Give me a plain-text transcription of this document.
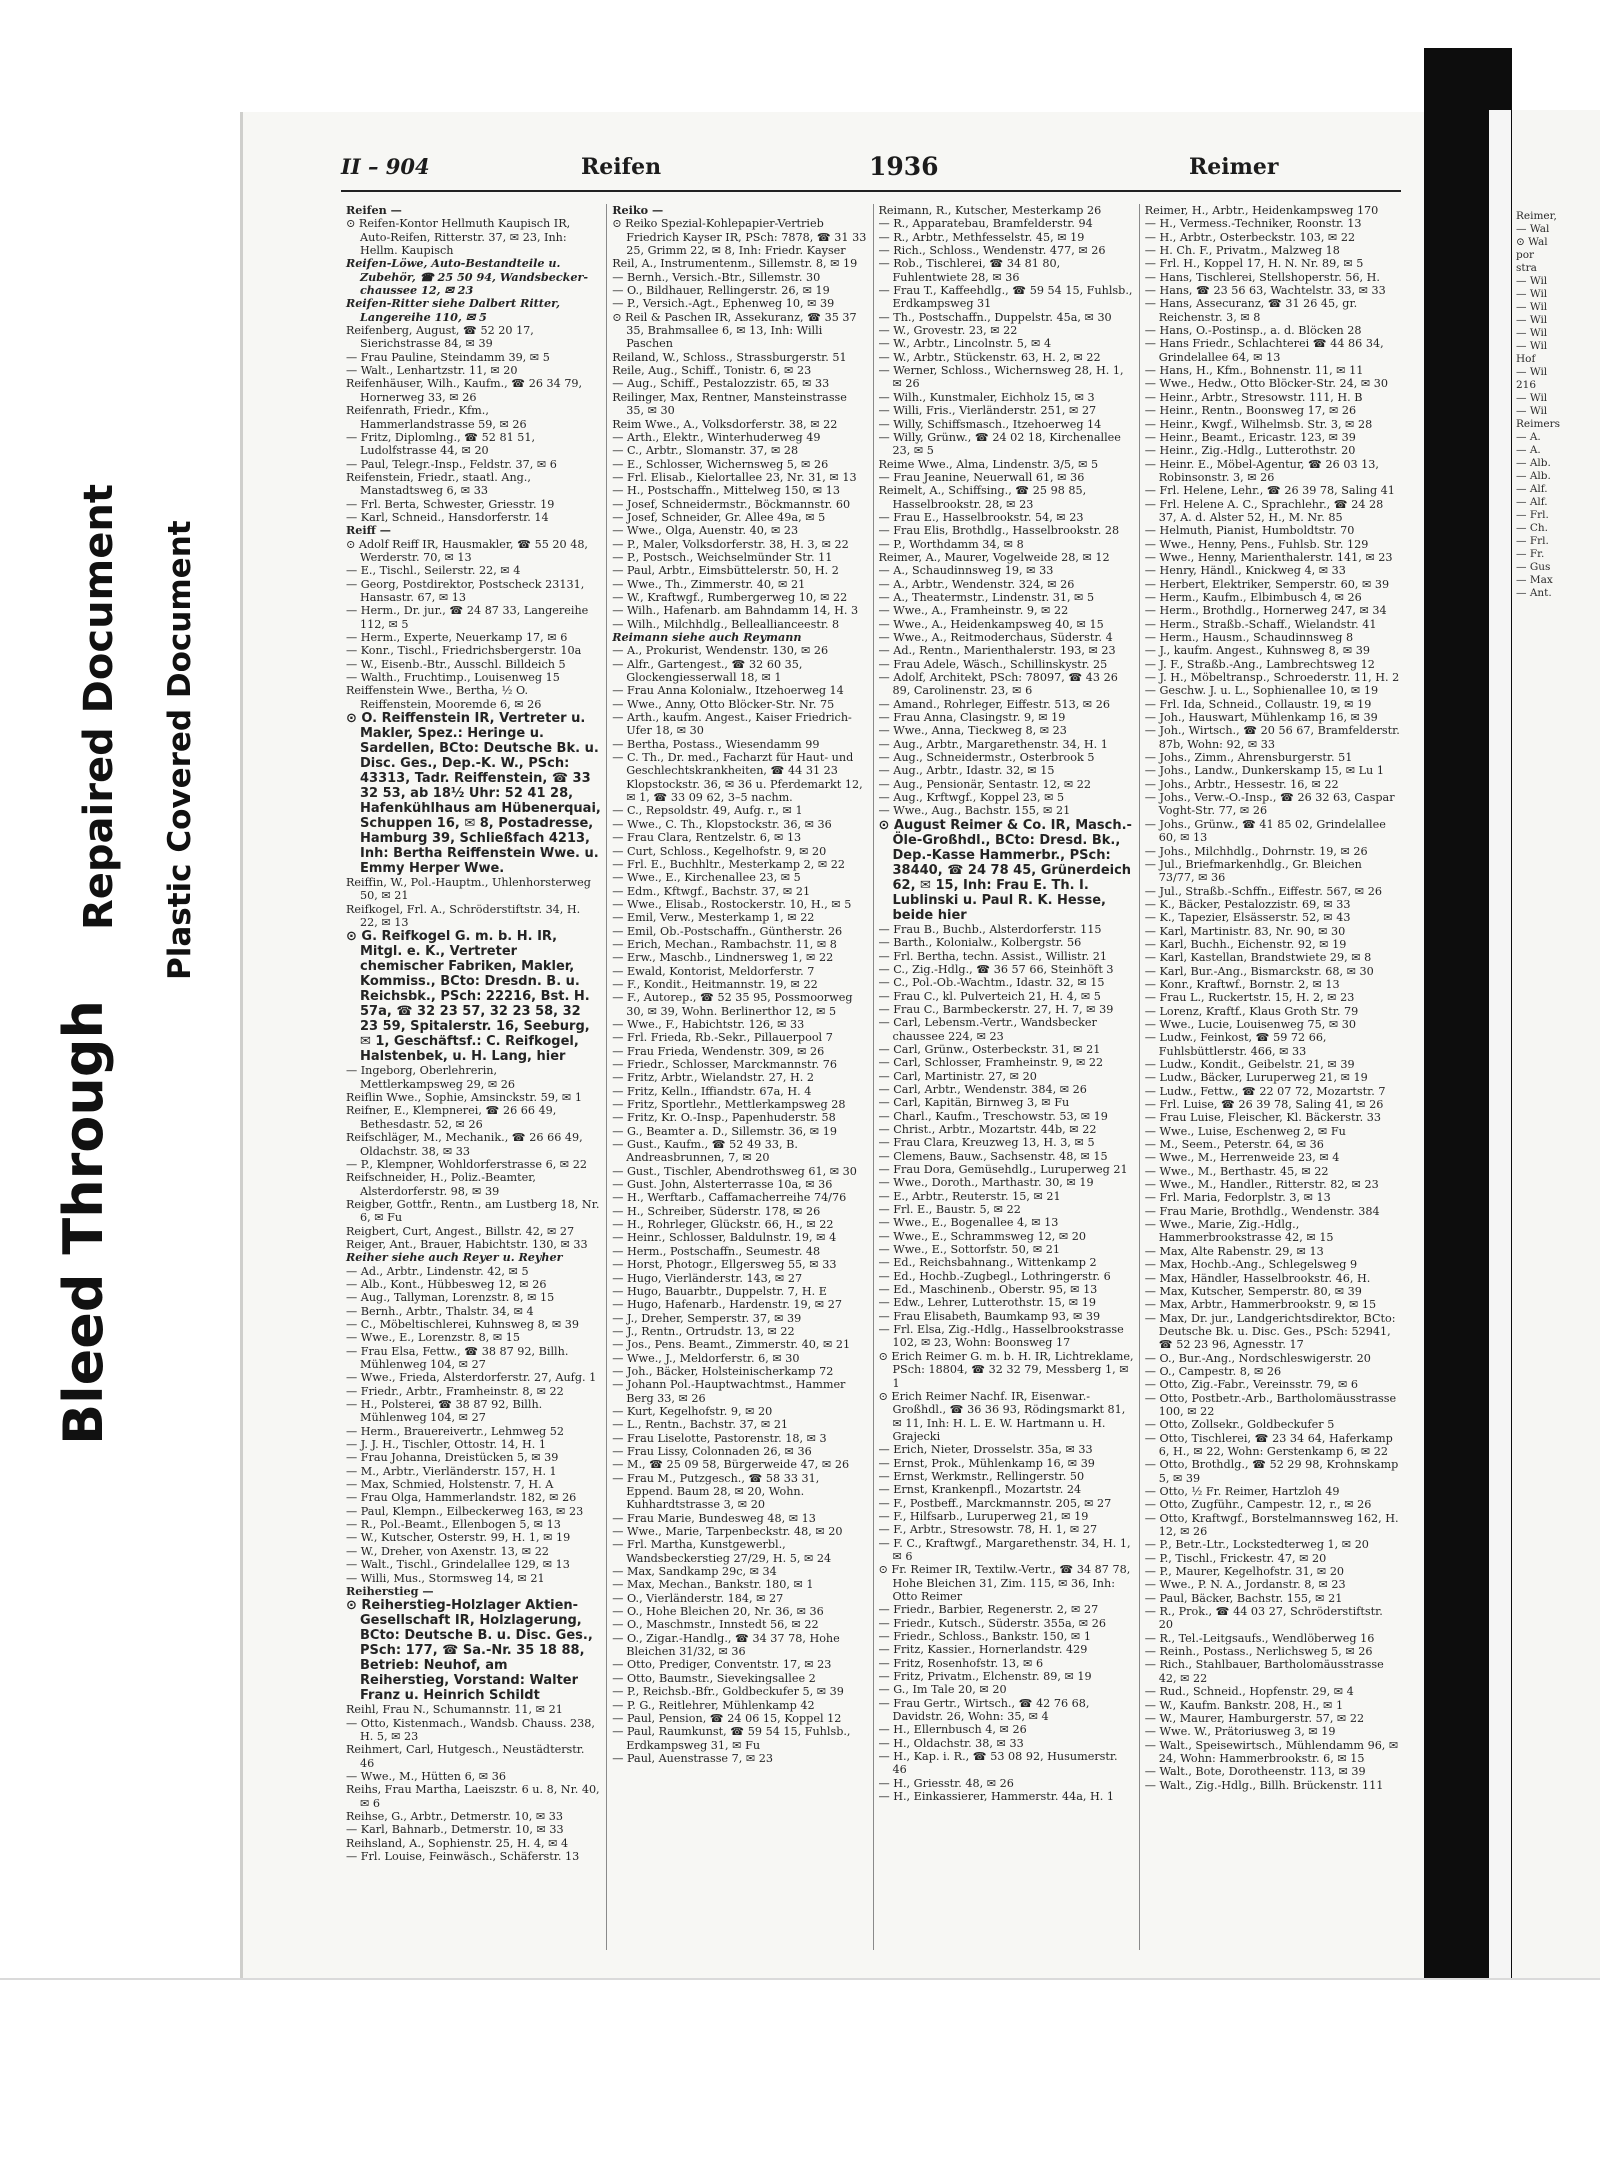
Bleed Through
Repaired Document Plastic Covered Document
II – 904	Reifen	1936	Reimer

Reifen —

⊙ Reifen-Kontor Hellmuth Kaupisch IR, Auto-Reifen, Ritterstr. 37, ✉ 23, Inh: Hellm. Kaupisch

Reifen-Löwe, Auto-Bestandteile u. Zubehör, ☎ 25 50 94, Wandsbecker-chaussee 12, ✉ 23

Reifen-Ritter siehe Dalbert Ritter, Langereihe 110, ✉ 5

Reifenberg, August, ☎ 52 20 17, Sierichstrasse 84, ✉ 39

— Frau Pauline, Steindamm 39, ✉ 5

— Walt., Lenhartzstr. 11, ✉ 20

Reifenhäuser, Wilh., Kaufm., ☎ 26 34 79, Hornerweg 33, ✉ 26

Reifenrath, Friedr., Kfm., Hammerlandstrasse 59, ✉ 26

— Fritz, Diplomlng., ☎ 52 81 51, Ludolfstrasse 44, ✉ 20

— Paul, Telegr.-Insp., Feldstr. 37, ✉ 6

Reifenstein, Friedr., staatl. Ang., Manstadtsweg 6, ✉ 33

— Frl. Berta, Schwester, Griesstr. 19

— Karl, Schneid., Hansdorferstr. 14

Reiff —

⊙ Adolf Reiff IR, Hausmakler, ☎ 55 20 48, Werderstr. 70, ✉ 13

— E., Tischl., Seilerstr. 22, ✉ 4

— Georg, Postdirektor, Postscheck 23131, Hansastr. 67, ✉ 13

— Herm., Dr. jur., ☎ 24 87 33, Langereihe 112, ✉ 5

— Herm., Experte, Neuerkamp 17, ✉ 6

— Konr., Tischl., Friedrichsbergerstr. 10a

— W., Eisenb.-Btr., Ausschl. Billdeich 5

— Walth., Fruchtimp., Louisenweg 15

Reiffenstein Wwe., Bertha, ½ O. Reiffenstein, Mooremde 6, ✉ 26

⊙ O. Reiffenstein IR, Vertreter u. Makler, Spez.: Heringe u. Sardellen, BCto: Deutsche Bk. u. Disc. Ges., Dep.-K. W., PSch: 43313, Tadr. Reiffenstein, ☎ 33 32 53, ab 18½ Uhr: 52 41 28, Hafenkühlhaus am Hübenerquai, Schuppen 16, ✉ 8, Postadresse, Hamburg 39, Schließfach 4213, Inh: Bertha Reiffenstein Wwe. u. Emmy Herper Wwe.

Reiffin, W., Pol.-Hauptm., Uhlenhorsterweg 50, ✉ 21

Reifkogel, Frl. A., Schröderstiftstr. 34, H. 22, ✉ 13

⊙ G. Reifkogel G. m. b. H. IR, Mitgl. e. K., Vertreter chemischer Fabriken, Makler, Kommiss., BCto: Dresdn. B. u. Reichsbk., PSch: 22216, Bst. H. 57a, ☎ 32 23 57, 32 23 58, 32 23 59, Spitalerstr. 16, Seeburg, ✉ 1, Geschäftsf.: C. Reifkogel, Halstenbek, u. H. Lang, hier

— Ingeborg, Oberlehrerin, Mettlerkampsweg 29, ✉ 26

Reiflin Wwe., Sophie, Amsinckstr. 59, ✉ 1

Reifner, E., Klempnerei, ☎ 26 66 49, Bethesdastr. 52, ✉ 26

Reifschläger, M., Mechanik., ☎ 26 66 49, Oldachstr. 38, ✉ 33

— P., Klempner, Wohldorferstrasse 6, ✉ 22

Reifschneider, H., Poliz.-Beamter, Alsterdorferstr. 98, ✉ 39

Reigber, Gottfr., Rentn., am Lustberg 18, Nr. 6, ✉ Fu

Reigbert, Curt, Angest., Billstr. 42, ✉ 27

Reiger, Ant., Brauer, Habichtstr. 130, ✉ 33

Reiher siehe auch Reyer u. Reyher

— Ad., Arbtr., Lindenstr. 42, ✉ 5

— Alb., Kont., Hübbesweg 12, ✉ 26

— Aug., Tallyman, Lorenzstr. 8, ✉ 15

— Bernh., Arbtr., Thalstr. 34, ✉ 4

— C., Möbeltischlerei, Kuhnsweg 8, ✉ 39

— Wwe., E., Lorenzstr. 8, ✉ 15

— Frau Elsa, Fettw., ☎ 38 87 92, Billh. Mühlenweg 104, ✉ 27

— Wwe., Frieda, Alsterdorferstr. 27, Aufg. 1

— Friedr., Arbtr., Framheinstr. 8, ✉ 22

— H., Polsterei, ☎ 38 87 92, Billh. Mühlenweg 104, ✉ 27

— Herm., Brauereivertr., Lehmweg 52

— J. J. H., Tischler, Ottostr. 14, H. 1

— Frau Johanna, Dreistücken 5, ✉ 39

— M., Arbtr., Vierländerstr. 157, H. 1

— Max, Schmied, Holstenstr. 7, H. A

— Frau Olga, Hammerlandstr. 182, ✉ 26

— Paul, Klempn., Eilbeckerweg 163, ✉ 23

— R., Pol.-Beamt., Ellenbogen 5, ✉ 13

— W., Kutscher, Osterstr. 99, H. 1, ✉ 19

— W., Dreher, von Axenstr. 13, ✉ 22

— Walt., Tischl., Grindelallee 129, ✉ 13

— Willi, Mus., Stormsweg 14, ✉ 21

Reiherstieg —

⊙ Reiherstieg-Holzlager Aktien-Gesellschaft IR, Holzlagerung, BCto: Deutsche B. u. Disc. Ges., PSch: 177, ☎ Sa.-Nr. 35 18 88, Betrieb: Neuhof, am Reiherstieg, Vorstand: Walter Franz u. Heinrich Schildt

Reihl, Frau N., Schumannstr. 11, ✉ 21

— Otto, Kistenmach., Wandsb. Chauss. 238, H. 5, ✉ 23

Reihmert, Carl, Hutgesch., Neustädterstr. 46

— Wwe., M., Hütten 6, ✉ 36

Reihs, Frau Martha, Laeiszstr. 6 u. 8, Nr. 40, ✉ 6

Reihse, G., Arbtr., Detmerstr. 10, ✉ 33

— Karl, Bahnarb., Detmerstr. 10, ✉ 33

Reihsland, A., Sophienstr. 25, H. 4, ✉ 4

— Frl. Louise, Feinwäsch., Schäferstr. 13

Reiko —

⊙ Reiko Spezial-Kohlepapier-Vertrieb Friedrich Kayser IR, PSch: 7878, ☎ 31 33 25, Grimm 22, ✉ 8, Inh: Friedr. Kayser

Reil, A., Instrumentenm., Sillemstr. 8, ✉ 19

— Bernh., Versich.-Btr., Sillemstr. 30

— O., Bildhauer, Rellingerstr. 26, ✉ 19

— P., Versich.-Agt., Ephenweg 10, ✉ 39

⊙ Reil & Paschen IR, Assekuranz, ☎ 35 37 35, Brahmsallee 6, ✉ 13, Inh: Willi Paschen

Reiland, W., Schloss., Strassburgerstr. 51

Reile, Aug., Schiff., Tonistr. 6, ✉ 23

— Aug., Schiff., Pestalozzistr. 65, ✉ 33

Reilinger, Max, Rentner, Mansteinstrasse 35, ✉ 30

Reim Wwe., A., Volksdorferstr. 38, ✉ 22

— Arth., Elektr., Winterhuderweg 49

— C., Arbtr., Slomanstr. 37, ✉ 28

— E., Schlosser, Wichernsweg 5, ✉ 26

— Frl. Elisab., Kielortallee 23, Nr. 31, ✉ 13

— H., Postschaffn., Mittelweg 150, ✉ 13

— Josef, Schneidermstr., Böckmannstr. 60

— Josef, Schneider, Gr. Allee 49a, ✉ 5

— Wwe., Olga, Auenstr. 40, ✉ 23

— P., Maler, Volksdorferstr. 38, H. 3, ✉ 22

— P., Postsch., Weichselmünder Str. 11

— Paul, Arbtr., Eimsbüttelerstr. 50, H. 2

— Wwe., Th., Zimmerstr. 40, ✉ 21

— W., Kraftwgf., Rumbergerweg 10, ✉ 22

— Wilh., Hafenarb. am Bahndamm 14, H. 3

— Wilh., Milchhdlg., Belleallianceestr. 8

Reimann siehe auch Reymann

— A., Prokurist, Wendenstr. 130, ✉ 26

— Alfr., Gartengest., ☎ 32 60 35, Glockengiesserwall 18, ✉ 1

— Frau Anna Kolonialw., Itzehoerweg 14

— Wwe., Anny, Otto Blöcker-Str. Nr. 75

— Arth., kaufm. Angest., Kaiser Friedrich-Ufer 18, ✉ 30

— Bertha, Postass., Wiesendamm 99

— C. Th., Dr. med., Facharzt für Haut- und Geschlechtskrankheiten, ☎ 44 31 23 Klopstockstr. 36, ✉ 36 u. Pferdemarkt 12, ✉ 1, ☎ 33 09 62, 3–5 nachm.

— C., Repsoldstr. 49, Aufg. r., ✉ 1

— Wwe., C. Th., Klopstockstr. 36, ✉ 36

— Frau Clara, Rentzelstr. 6, ✉ 13

— Curt, Schloss., Kegelhofstr. 9, ✉ 20

— Frl. E., Buchhltr., Mesterkamp 2, ✉ 22

— Wwe., E., Kirchenallee 23, ✉ 5

— Edm., Kftwgf., Bachstr. 37, ✉ 21

— Wwe., Elisab., Rostockerstr. 10, H., ✉ 5

— Emil, Verw., Mesterkamp 1, ✉ 22

— Emil, Ob.-Postschaffn., Güntherstr. 26

— Erich, Mechan., Rambachstr. 11, ✉ 8

— Erw., Maschb., Lindnersweg 1, ✉ 22

— Ewald, Kontorist, Meldorferstr. 7

— F., Kondit., Heitmannstr. 19, ✉ 22

— F., Autorep., ☎ 52 35 95, Possmoorweg 30, ✉ 39, Wohn. Berlinerthor 12, ✉ 5

— Wwe., F., Habichtstr. 126, ✉ 33

— Frl. Frieda, Rb.-Sekr., Pillauerpool 7

— Frau Frieda, Wendenstr. 309, ✉ 26

— Friedr., Schlosser, Marckmannstr. 76

— Fritz, Arbtr., Wielandstr. 27, H. 2

— Fritz, Kelln., Iffiandstr. 67a, H. 4

— Fritz, Sportlehr., Mettlerkampsweg 28

— Fritz, Kr. O.-Insp., Papenhuderstr. 58

— G., Beamter a. D., Sillemstr. 36, ✉ 19

— Gust., Kaufm., ☎ 52 49 33, B. Andreasbrunnen, 7, ✉ 20

— Gust., Tischler, Abendrothsweg 61, ✉ 30

— Gust. John, Alsterterrasse 10a, ✉ 36

— H., Werftarb., Caffamacherreihe 74/76

— H., Schreiber, Süderstr. 178, ✉ 26

— H., Rohrleger, Glückstr. 66, H., ✉ 22

— Heinr., Schlosser, Baldulnstr. 19, ✉ 4

— Herm., Postschaffn., Seumestr. 48

— Horst, Photogr., Ellgersweg 55, ✉ 33

— Hugo, Vierländerstr. 143, ✉ 27

— Hugo, Bauarbtr., Duppelstr. 7, H. E

— Hugo, Hafenarb., Hardenstr. 19, ✉ 27

— J., Dreher, Semperstr. 37, ✉ 39

— J., Rentn., Ortrudstr. 13, ✉ 22

— Jos., Pens. Beamt., Zimmerstr. 40, ✉ 21

— Wwe., J., Meldorferstr. 6, ✉ 30

— Joh., Bäcker, Holsteinischerkamp 72

— Johann Pol.-Hauptwachtmst., Hammer Berg 33, ✉ 26

— Kurt, Kegelhofstr. 9, ✉ 20

— L., Rentn., Bachstr. 37, ✉ 21

— Frau Liselotte, Pastorenstr. 18, ✉ 3

— Frau Lissy, Colonnaden 26, ✉ 36

— M., ☎ 25 09 58, Bürgerweide 47, ✉ 26

— Frau M., Putzgesch., ☎ 58 33 31, Eppend. Baum 28, ✉ 20, Wohn. Kuhhardtstrasse 3, ✉ 20

— Frau Marie, Bundesweg 48, ✉ 13

— Wwe., Marie, Tarpenbeckstr. 48, ✉ 20

— Frl. Martha, Kunstgewerbl., Wandsbeckerstieg 27/29, H. 5, ✉ 24

— Max, Sandkamp 29c, ✉ 34

— Max, Mechan., Bankstr. 180, ✉ 1

— O., Vierländerstr. 184, ✉ 27

— O., Hohe Bleichen 20, Nr. 36, ✉ 36

— O., Maschmstr., Innstedt 56, ✉ 22

— O., Zigar.-Handlg., ☎ 34 37 78, Hohe Bleichen 31/32, ✉ 36

— Otto, Prediger, Conventstr. 17, ✉ 23

— Otto, Baumstr., Sievekingsallee 2

— P., Reichsb.-Bfr., Goldbeckufer 5, ✉ 39

— P. G., Reitlehrer, Mühlenkamp 42

— Paul, Pension, ☎ 24 06 15, Koppel 12

— Paul, Raumkunst, ☎ 59 54 15, Fuhlsb., Erdkampsweg 31, ✉ Fu

— Paul, Auenstrasse 7, ✉ 23

Reimann, R., Kutscher, Mesterkamp 26

— R., Apparatebau, Bramfelderstr. 94

— R., Arbtr., Methfesselstr. 45, ✉ 19

— Rich., Schloss., Wendenstr. 477, ✉ 26

— Rob., Tischlerei, ☎ 34 81 80, Fuhlentwiete 28, ✉ 36

— Frau T., Kaffeehdlg., ☎ 59 54 15, Fuhlsb., Erdkampsweg 31

— Th., Postschaffn., Duppelstr. 45a, ✉ 30

— W., Grovestr. 23, ✉ 22

— W., Arbtr., Lincolnstr. 5, ✉ 4

— W., Arbtr., Stückenstr. 63, H. 2, ✉ 22

— Werner, Schloss., Wichernsweg 28, H. 1, ✉ 26

— Wilh., Kunstmaler, Eichholz 15, ✉ 3

— Willi, Fris., Vierländerstr. 251, ✉ 27

— Willy, Schiffsmasch., Itzehoerweg 14

— Willy, Grünw., ☎ 24 02 18, Kirchenallee 23, ✉ 5

Reime Wwe., Alma, Lindenstr. 3/5, ✉ 5

— Frau Jeanine, Neuerwall 61, ✉ 36

Reimelt, A., Schiffsing., ☎ 25 98 85, Hasselbrookstr. 28, ✉ 23

— Frau E., Hasselbrookstr. 54, ✉ 23

— Frau Elis, Brothdlg., Hasselbrookstr. 28

— P., Worthdamm 34, ✉ 8

Reimer, A., Maurer, Vogelweide 28, ✉ 12

— A., Schaudinnsweg 19, ✉ 33

— A., Arbtr., Wendenstr. 324, ✉ 26

— A., Theatermstr., Lindenstr. 31, ✉ 5

— Wwe., A., Framheinstr. 9, ✉ 22

— Wwe., A., Heidenkampsweg 40, ✉ 15

— Wwe., A., Reitmoderchaus, Süderstr. 4

— Ad., Rentn., Marienthalerstr. 193, ✉ 23

— Frau Adele, Wäsch., Schillinskystr. 25

— Adolf, Architekt, PSch: 78097, ☎ 43 26 89, Carolinenstr. 23, ✉ 6

— Amand., Rohrleger, Eiffestr. 513, ✉ 26

— Frau Anna, Clasingstr. 9, ✉ 19

— Wwe., Anna, Tieckweg 8, ✉ 23

— Aug., Arbtr., Margarethenstr. 34, H. 1

— Aug., Schneidermstr., Osterbrook 5

— Aug., Arbtr., Idastr. 32, ✉ 15

— Aug., Pensionär, Sentastr. 12, ✉ 22

— Aug., Krftwgf., Koppel 23, ✉ 5

— Wwe., Aug., Bachstr. 155, ✉ 21

⊙ August Reimer & Co. IR, Masch.-Öle-Großhdl., BCto: Dresd. Bk., Dep.-Kasse Hammerbr., PSch: 38440, ☎ 24 78 45, Grünerdeich 62, ✉ 15, Inh: Frau E. Th. I. Lublinski u. Paul R. K. Hesse, beide hier

— Frau B., Buchb., Alsterdorferstr. 115

— Barth., Kolonialw., Kolbergstr. 56

— Frl. Bertha, techn. Assist., Willistr. 21

— C., Zig.-Hdlg., ☎ 36 57 66, Steinhöft 3

— C., Pol.-Ob.-Wachtm., Idastr. 32, ✉ 15

— Frau C., kl. Pulverteich 21, H. 4, ✉ 5

— Frau C., Barmbeckerstr. 27, H. 7, ✉ 39

— Carl, Lebensm.-Vertr., Wandsbecker chaussee 224, ✉ 23

— Carl, Grünw., Osterbeckstr. 31, ✉ 21

— Carl, Schlosser, Framheinstr. 9, ✉ 22

— Carl, Martinistr. 27, ✉ 20

— Carl, Arbtr., Wendenstr. 384, ✉ 26

— Carl, Kapitän, Birnweg 3, ✉ Fu

— Charl., Kaufm., Treschowstr. 53, ✉ 19

— Christ., Arbtr., Mozartstr. 44b, ✉ 22

— Frau Clara, Kreuzweg 13, H. 3, ✉ 5

— Clemens, Bauw., Sachsenstr. 48, ✉ 15

— Frau Dora, Gemüsehdlg., Luruperweg 21

— Wwe., Doroth., Marthastr. 30, ✉ 19

— E., Arbtr., Reuterstr. 15, ✉ 21

— Frl. E., Baustr. 5, ✉ 22

— Wwe., E., Bogenallee 4, ✉ 13

— Wwe., E., Schrammsweg 12, ✉ 20

— Wwe., E., Sottorfstr. 50, ✉ 21

— Ed., Reichsbahnang., Wittenkamp 2

— Ed., Hochb.-Zugbegl., Lothringerstr. 6

— Ed., Maschinenb., Oberstr. 95, ✉ 13

— Edw., Lehrer, Lutterothstr. 15, ✉ 19

— Frau Elisabeth, Baumkamp 93, ✉ 39

— Frl. Elsa, Zig.-Hdlg., Hasselbrookstrasse 102, ✉ 23, Wohn: Boonsweg 17

⊙ Erich Reimer G. m. b. H. IR, Lichtreklame, PSch: 18804, ☎ 32 32 79, Messberg 1, ✉ 1

⊙ Erich Reimer Nachf. IR, Eisenwar.-Großhdl., ☎ 36 36 93, Rödingsmarkt 81, ✉ 11, Inh: H. L. E. W. Hartmann u. H. Grajecki

— Erich, Nieter, Drosselstr. 35a, ✉ 33

— Ernst, Prok., Mühlenkamp 16, ✉ 39

— Ernst, Werkmstr., Rellingerstr. 50

— Ernst, Krankenpfl., Mozartstr. 24

— F., Postbeff., Marckmannstr. 205, ✉ 27

— F., Hilfsarb., Luruperweg 21, ✉ 19

— F., Arbtr., Stresowstr. 78, H. 1, ✉ 27

— F. C., Kraftwgf., Margarethenstr. 34, H. 1, ✉ 6

⊙ Fr. Reimer IR, Textilw.-Vertr., ☎ 34 87 78, Hohe Bleichen 31, Zim. 115, ✉ 36, Inh: Otto Reimer

— Friedr., Barbier, Regenerstr. 2, ✉ 27

— Friedr., Kutsch., Süderstr. 355a, ✉ 26

— Friedr., Schloss., Bankstr. 150, ✉ 1

— Fritz, Kassier., Hornerlandstr. 429

— Fritz, Rosenhofstr. 13, ✉ 6

— Fritz, Privatm., Elchenstr. 89, ✉ 19

— G., Im Tale 20, ✉ 20

— Frau Gertr., Wirtsch., ☎ 42 76 68, Davidstr. 26, Wohn: 35, ✉ 4

— H., Ellernbusch 4, ✉ 26

— H., Oldachstr. 38, ✉ 33

— H., Kap. i. R., ☎ 53 08 92, Husumerstr. 46

— H., Griesstr. 48, ✉ 26

— H., Einkassierer, Hammerstr. 44a, H. 1

Reimer, H., Arbtr., Heidenkampsweg 170

— H., Vermess.-Techniker, Roonstr. 13

— H., Arbtr., Osterbeckstr. 103, ✉ 22

— H. Ch. F., Privatm., Malzweg 18

— Frl. H., Koppel 17, H. N. Nr. 89, ✉ 5

— Hans, Tischlerei, Stellshoperstr. 56, H.

— Hans, ☎ 23 56 63, Wachtelstr. 33, ✉ 33

— Hans, Assecuranz, ☎ 31 26 45, gr. Reichenstr. 3, ✉ 8

— Hans, O.-Postinsp., a. d. Blöcken 28

— Hans Friedr., Schlachterei ☎ 44 86 34, Grindelallee 64, ✉ 13

— Hans, H., Kfm., Bohnenstr. 11, ✉ 11

— Wwe., Hedw., Otto Blöcker-Str. 24, ✉ 30

— Heinr., Arbtr., Stresowstr. 111, H. B

— Heinr., Rentn., Boonsweg 17, ✉ 26

— Heinr., Kwgf., Wilhelmsb. Str. 3, ✉ 28

— Heinr., Beamt., Ericastr. 123, ✉ 39

— Heinr., Zig.-Hdlg., Lutterothstr. 20

— Heinr. E., Möbel-Agentur, ☎ 26 03 13, Robinsonstr. 3, ✉ 26

— Frl. Helene, Lehr., ☎ 26 39 78, Saling 41

— Frl. Helene A. C., Sprachlehr., ☎ 24 28 37, A. d. Alster 52, H., M. Nr. 85

— Helmuth, Pianist, Humboldtstr. 70

— Wwe., Henny, Pens., Fuhlsb. Str. 129

— Wwe., Henny, Marienthalerstr. 141, ✉ 23

— Henry, Händl., Knickweg 4, ✉ 33

— Herbert, Elektriker, Semperstr. 60, ✉ 39

— Herm., Kaufm., Elbimbusch 4, ✉ 26

— Herm., Brothdlg., Hornerweg 247, ✉ 34

— Herm., Straßb.-Schaff., Wielandstr. 41

— Herm., Hausm., Schaudinnsweg 8

— J., kaufm. Angest., Kuhnsweg 8, ✉ 39

— J. F., Straßb.-Ang., Lambrechtsweg 12

— J. H., Möbeltransp., Schroederstr. 11, H. 2

— Geschw. J. u. L., Sophienallee 10, ✉ 19

— Frl. Ida, Schneid., Collaustr. 19, ✉ 19

— Joh., Hauswart, Mühlenkamp 16, ✉ 39

— Joh., Wirtsch., ☎ 20 56 67, Bramfelderstr. 87b, Wohn: 92, ✉ 33

— Johs., Zimm., Ahrensburgerstr. 51

— Johs., Landw., Dunkerskamp 15, ✉ Lu 1

— Johs., Arbtr., Hessestr. 16, ✉ 22

— Johs., Verw.-O.-Insp., ☎ 26 32 63, Caspar Voght-Str. 77, ✉ 26

— Johs., Grünw., ☎ 41 85 02, Grindelallee 60, ✉ 13

— Johs., Milchhdlg., Dohrnstr. 19, ✉ 26

— Jul., Briefmarkenhdlg., Gr. Bleichen 73/77, ✉ 36

— Jul., Straßb.-Schffn., Eiffestr. 567, ✉ 26

— K., Bäcker, Pestalozzistr. 69, ✉ 33

— K., Tapezier, Elsässerstr. 52, ✉ 43

— Karl, Martinistr. 83, Nr. 90, ✉ 30

— Karl, Buchh., Eichenstr. 92, ✉ 19

— Karl, Kastellan, Brandstwiete 29, ✉ 8

— Karl, Bur.-Ang., Bismarckstr. 68, ✉ 30

— Konr., Kraftwf., Bornstr. 2, ✉ 13

— Frau L., Ruckertstr. 15, H. 2, ✉ 23

— Lorenz, Kraftf., Klaus Groth Str. 79

— Wwe., Lucie, Louisenweg 75, ✉ 30

— Ludw., Feinkost, ☎ 59 72 66, Fuhlsbüttlerstr. 466, ✉ 33

— Ludw., Kondit., Geibelstr. 21, ✉ 39

— Ludw., Bäcker, Luruperweg 21, ✉ 19

— Ludw., Fettw., ☎ 22 07 72, Mozartstr. 7

— Frl. Luise, ☎ 26 39 78, Saling 41, ✉ 26

— Frau Luise, Fleischer, Kl. Bäckerstr. 33

— Wwe., Luise, Eschenweg 2, ✉ Fu

— M., Seem., Peterstr. 64, ✉ 36

— Wwe., M., Herrenweide 23, ✉ 4

— Wwe., M., Berthastr. 45, ✉ 22

— Wwe., M., Handler., Ritterstr. 82, ✉ 23

— Frl. Maria, Fedorplstr. 3, ✉ 13

— Frau Marie, Brothdlg., Wendenstr. 384

— Wwe., Marie, Zig.-Hdlg., Hammerbrookstrasse 42, ✉ 15

— Max, Alte Rabenstr. 29, ✉ 13

— Max, Hochb.-Ang., Schlegelsweg 9

— Max, Händler, Hasselbrookstr. 46, H.

— Max, Kutscher, Semperstr. 80, ✉ 39

— Max, Arbtr., Hammerbrookstr. 9, ✉ 15

— Max, Dr. jur., Landgerichtsdirektor, BCto: Deutsche Bk. u. Disc. Ges., PSch: 52941, ☎ 52 23 96, Agnesstr. 17

— O., Bur.-Ang., Nordschleswigerstr. 20

— O., Campestr. 8, ✉ 26

— Otto, Zig.-Fabr., Vereinsstr. 79, ✉ 6

— Otto, Postbetr.-Arb., Bartholomäusstrasse 100, ✉ 22

— Otto, Zollsekr., Goldbeckufer 5

— Otto, Tischlerei, ☎ 23 34 64, Haferkamp 6, H., ✉ 22, Wohn: Gerstenkamp 6, ✉ 22

— Otto, Brothdlg., ☎ 52 29 98, Krohnskamp 5, ✉ 39

— Otto, ½ Fr. Reimer, Hartzloh 49

— Otto, Zugführ., Campestr. 12, r., ✉ 26

— Otto, Kraftwgf., Borstelmannsweg 162, H. 12, ✉ 26

— P., Betr.-Ltr., Lockstedterweg 1, ✉ 20

— P., Tischl., Frickestr. 47, ✉ 20

— P., Maurer, Kegelhofstr. 31, ✉ 20

— Wwe., P. N. A., Jordanstr. 8, ✉ 23

— Paul, Bäcker, Bachstr. 155, ✉ 21

— R., Prok., ☎ 44 03 27, Schröderstiftstr. 20

— R., Tel.-Leitgsaufs., Wendlöberweg 16

— Reinh., Postass., Nerlichsweg 5, ✉ 26

— Rich., Stahlbauer, Bartholomäusstrasse 42, ✉ 22

— Rud., Schneid., Hopfenstr. 29, ✉ 4

— W., Kaufm. Bankstr. 208, H., ✉ 1

— W., Maurer, Hamburgerstr. 57, ✉ 22

— Wwe. W., Prätoriusweg 3, ✉ 19

— Walt., Speisewirtsch., Mühlendamm 96, ✉ 24, Wohn: Hammerbrookstr. 6, ✉ 15

— Walt., Bote, Dorotheenstr. 113, ✉ 39

— Walt., Zig.-Hdlg., Billh. Brückenstr. 111

Reimer,
— Wal
⊙ Wal
por
stra
— Wil
— Wil
— Wil
— Wil
— Wil
— Wil
Hof
— Wil
216
— Wil
— Wil
Reimers
— A.
— A.
— Alb.
— Alb.
— Alf.
— Alf.
— Frl.
— Ch.
— Frl.
— Fr.
— Gus
— Max
— Ant.
